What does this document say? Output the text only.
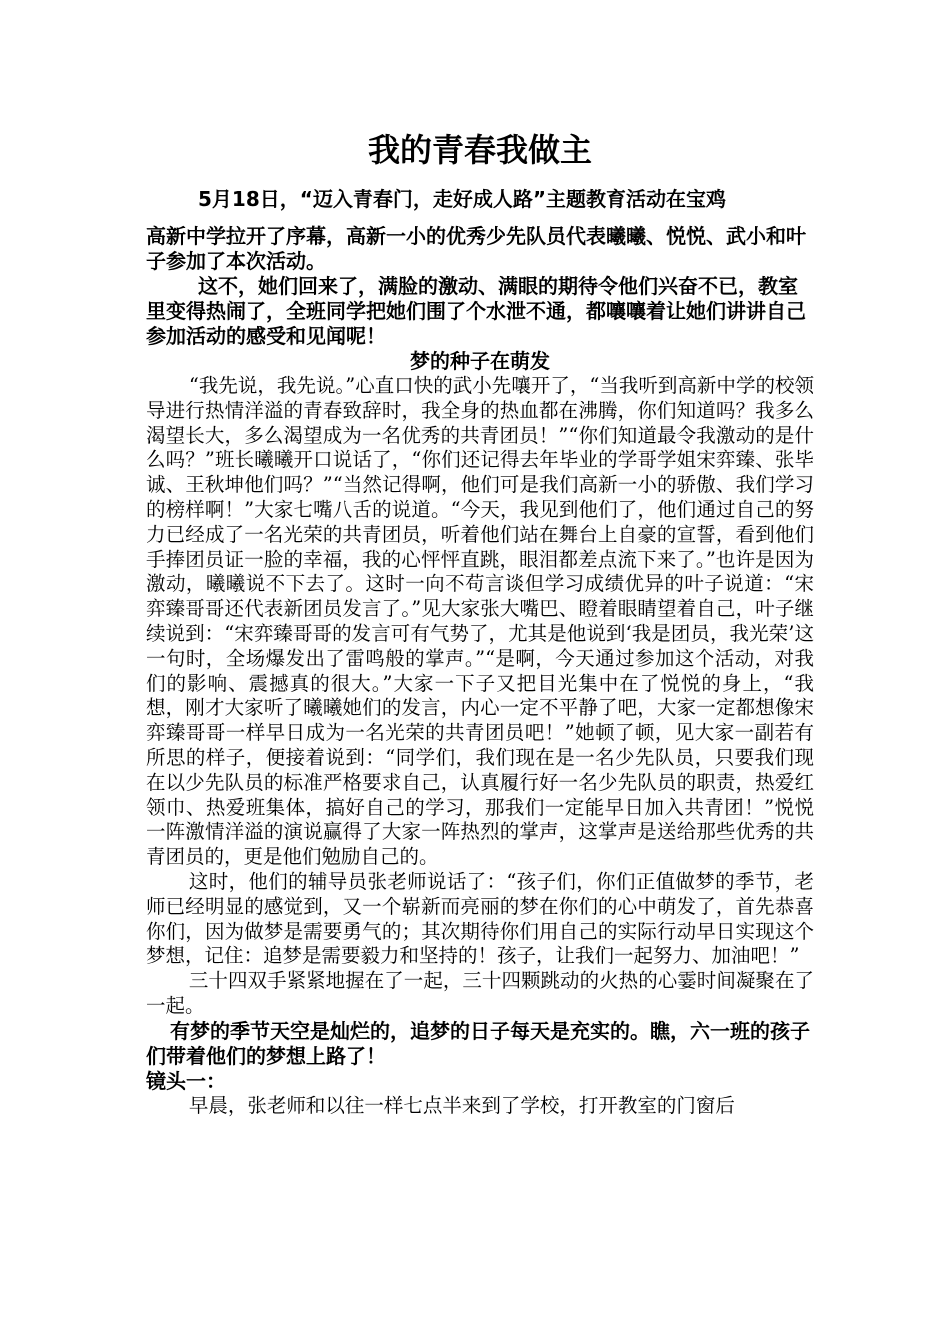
我的青春我做主

5月18日，“迈入青春门，走好成人路”主题教育活动在宝鸡
高新中学拉开了序幕，高新一小的优秀少先队员代表曦曦、悦悦、武小和叶子参加了本次活动。

这不，她们回来了，满脸的激动、满眼的期待令他们兴奋不已，教室里变得热闹了，全班同学把她们围了个水泄不通，都嚷嚷着让她们讲讲自己参加活动的感受和见闻呢！

梦的种子在萌发

“我先说，我先说。”心直口快的武小先嚷开了，“当我听到高新中学的校领导进行热情洋溢的青春致辞时，我全身的热血都在沸腾，你们知道吗？我多么渴望长大，多么渴望成为一名优秀的共青团员！”“你们知道最令我激动的是什么吗？”班长曦曦开口说话了，“你们还记得去年毕业的学哥学姐宋弈臻、张毕诚、王秋坤他们吗？”“当然记得啊，他们可是我们高新一小的骄傲、我们学习的榜样啊！”大家七嘴八舌的说道。“今天，我见到他们了，他们通过自己的努力已经成了一名光荣的共青团员，听着他们站在舞台上自豪的宣誓，看到他们手捧团员证一脸的幸福，我的心怦怦直跳，眼泪都差点流下来了。”也许是因为激动，曦曦说不下去了。这时一向不苟言谈但学习成绩优异的叶子说道：“宋弈臻哥哥还代表新团员发言了。”见大家张大嘴巴、瞪着眼睛望着自己，叶子继续说到：“宋弈臻哥哥的发言可有气势了，尤其是他说到‘我是团员，我光荣’这一句时，全场爆发出了雷鸣般的掌声。”“是啊，今天通过参加这个活动，对我们的影响、震撼真的很大。”大家一下子又把目光集中在了悦悦的身上，“我想，刚才大家听了曦曦她们的发言，内心一定不平静了吧，大家一定都想像宋弈臻哥哥一样早日成为一名光荣的共青团员吧！”她顿了顿，见大家一副若有所思的样子，便接着说到：“同学们，我们现在是一名少先队员，只要我们现在以少先队员的标准严格要求自己，认真履行好一名少先队员的职责，热爱红领巾、热爱班集体，搞好自己的学习，那我们一定能早日加入共青团！”悦悦一阵激情洋溢的演说赢得了大家一阵热烈的掌声，这掌声是送给那些优秀的共青团员的，更是他们勉励自己的。

这时，他们的辅导员张老师说话了：“孩子们，你们正值做梦的季节，老师已经明显的感觉到，又一个崭新而亮丽的梦在你们的心中萌发了，首先恭喜你们，因为做梦是需要勇气的；其次期待你们用自己的实际行动早日实现这个梦想，记住：追梦是需要毅力和坚持的！孩子，让我们一起努力、加油吧！”

三十四双手紧紧地握在了一起，三十四颗跳动的火热的心霎时间凝聚在了一起。

有梦的季节天空是灿烂的，追梦的日子每天是充实的。瞧，六一班的孩子们带着他们的梦想上路了！

镜头一：

早晨，张老师和以往一样七点半来到了学校，打开教室的门窗后
